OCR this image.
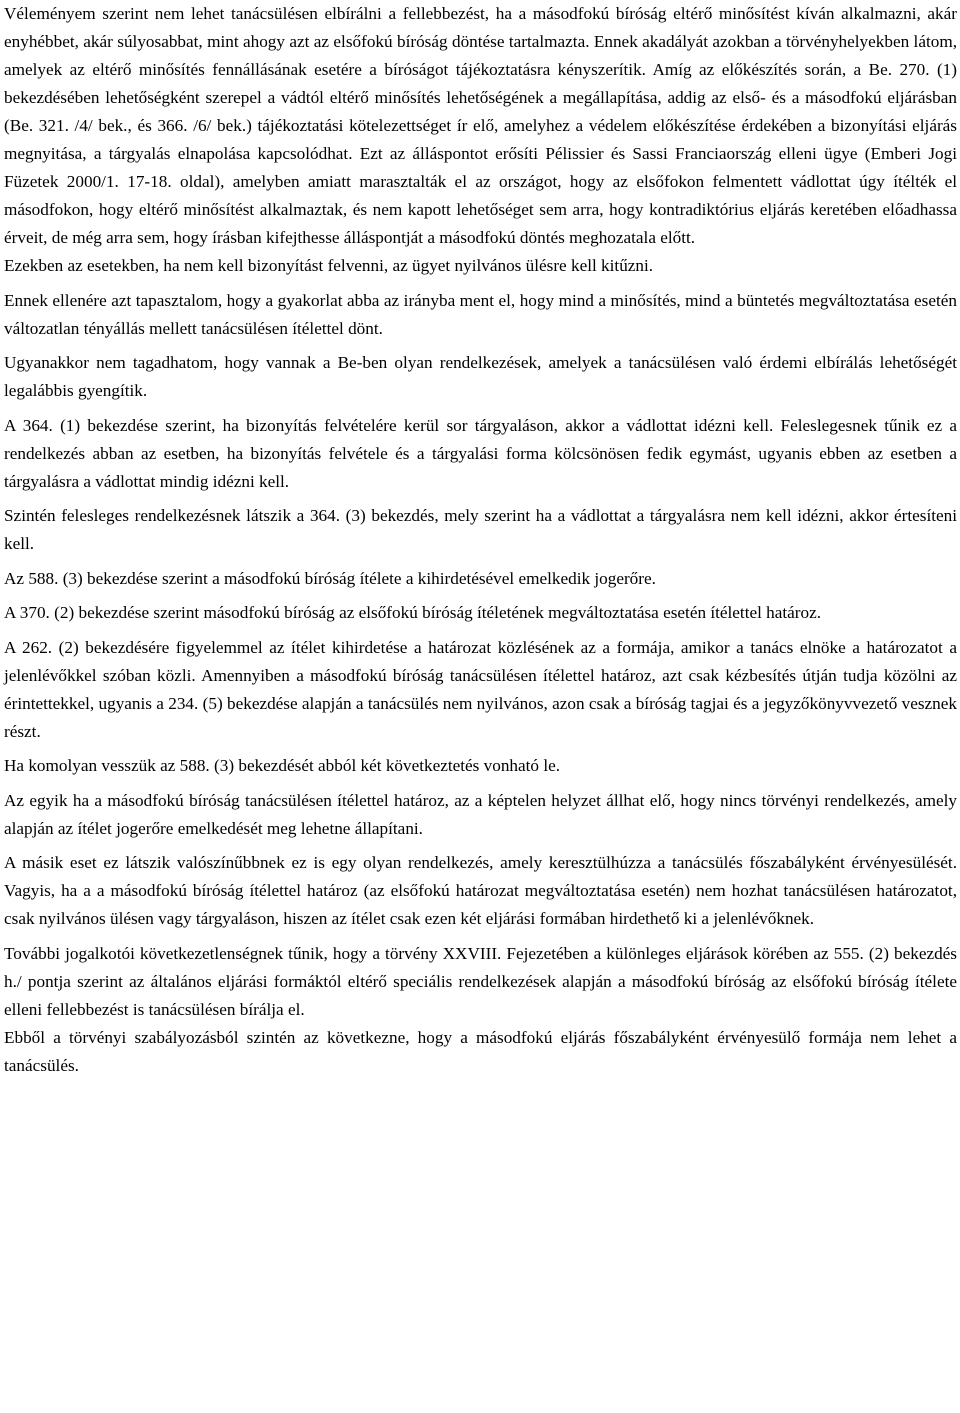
Véleményem szerint nem lehet tanácsülésen elbírálni a fellebbezést, ha a másodfokú bíróság eltérő minősítést kíván alkalmazni, akár enyhébbet, akár súlyosabbat, mint ahogy azt az elsőfokú bíróság döntése tartalmazta. Ennek akadályát azokban a törvényhelyekben látom, amelyek az eltérő minősítés fennállásának esetére a bíróságot tájékoztatásra kényszerítik. Amíg az előkészítés során, a Be. 270. (1) bekezdésében lehetőségként szerepel a vádtól eltérő minősítés lehetőségének a megállapítása, addig az első- és a másodfokú eljárásban (Be. 321. /4/ bek., és 366. /6/ bek.) tájékoztatási kötelezettséget ír elő, amelyhez a védelem előkészítése érdekében a bizonyítási eljárás megnyitása, a tárgyalás elnapolása kapcsolódhat. Ezt az álláspontot erősíti Pélissier és Sassi Franciaország elleni ügye (Emberi Jogi Füzetek 2000/1. 17-18. oldal), amelyben amiatt marasztalták el az országot, hogy az elsőfokon felmentett vádlottat úgy ítélték el másodfokon, hogy eltérő minősítést alkalmaztak, és nem kapott lehetőséget sem arra, hogy kontradiktórius eljárás keretében előadhassa érveit, de még arra sem, hogy írásban kifejthesse álláspontját a másodfokú döntés meghozatala előtt.

Ezekben az esetekben, ha nem kell bizonyítást felvenni, az ügyet nyilvános ülésre kell kitűzni.

Ennek ellenére azt tapasztalom, hogy a gyakorlat abba az irányba ment el, hogy mind a minősítés, mind a büntetés megváltoztatása esetén változatlan tényállás mellett tanácsülésen ítélettel dönt.

Ugyanakkor nem tagadhatom, hogy vannak a Be-ben olyan rendelkezések, amelyek a tanácsülésen való érdemi elbírálás lehetőségét legalábbis gyengítik.

A 364. (1) bekezdése szerint, ha bizonyítás felvételére kerül sor tárgyaláson, akkor a vádlottat idézni kell. Feleslegesnek tűnik ez a rendelkezés abban az esetben, ha bizonyítás felvétele és a tárgyalási forma kölcsönösen fedik egymást, ugyanis ebben az esetben a tárgyalásra a vádlottat mindig idézni kell.

Szintén felesleges rendelkezésnek látszik a 364. (3) bekezdés, mely szerint ha a vádlottat a tárgyalásra nem kell idézni, akkor értesíteni kell.

Az 588. (3) bekezdése szerint a másodfokú bíróság ítélete a kihirdetésével emelkedik jogerőre.

A 370. (2) bekezdése szerint másodfokú bíróság az elsőfokú bíróság ítéletének megváltoztatása esetén ítélettel határoz.

A 262. (2) bekezdésére figyelemmel az ítélet kihirdetése a határozat közlésének az a formája, amikor a tanács elnöke a határozatot a jelenlévőkkel szóban közli. Amennyiben a másodfokú bíróság tanácsülésen ítélettel határoz, azt csak kézbesítés útján tudja közölni az érintettekkel, ugyanis a 234. (5) bekezdése alapján a tanácsülés nem nyilvános, azon csak a bíróság tagjai és a jegyzőkönyvvezető vesznek részt.

Ha komolyan vesszük az 588. (3) bekezdését abból két következtetés vonható le.

Az egyik ha a másodfokú bíróság tanácsülésen ítélettel határoz, az a képtelen helyzet állhat elő, hogy nincs törvényi rendelkezés, amely alapján az ítélet jogerőre emelkedését meg lehetne állapítani.

A másik eset ez látszik valószínűbbnek ez is egy olyan rendelkezés, amely keresztülhúzza a tanácsülés főszabályként érvényesülését. Vagyis, ha a a másodfokú bíróság ítélettel határoz (az elsőfokú határozat megváltoztatása esetén) nem hozhat tanácsülésen határozatot, csak nyilvános ülésen vagy tárgyaláson, hiszen az ítélet csak ezen két eljárási formában hirdethető ki a jelenlévőknek.

További jogalkotói következetlenségnek tűnik, hogy a törvény XXVIII. Fejezetében a különleges eljárások körében az 555. (2) bekezdés h./ pontja szerint az általános eljárási formáktól eltérő speciális rendelkezések alapján a másodfokú bíróság az elsőfokú bíróság ítélete elleni fellebbezést is tanácsülésen bírálja el.

Ebből a törvényi szabályozásból szintén az következne, hogy a másodfokú eljárás főszabályként érvényesülő formája nem lehet a tanácsülés.
